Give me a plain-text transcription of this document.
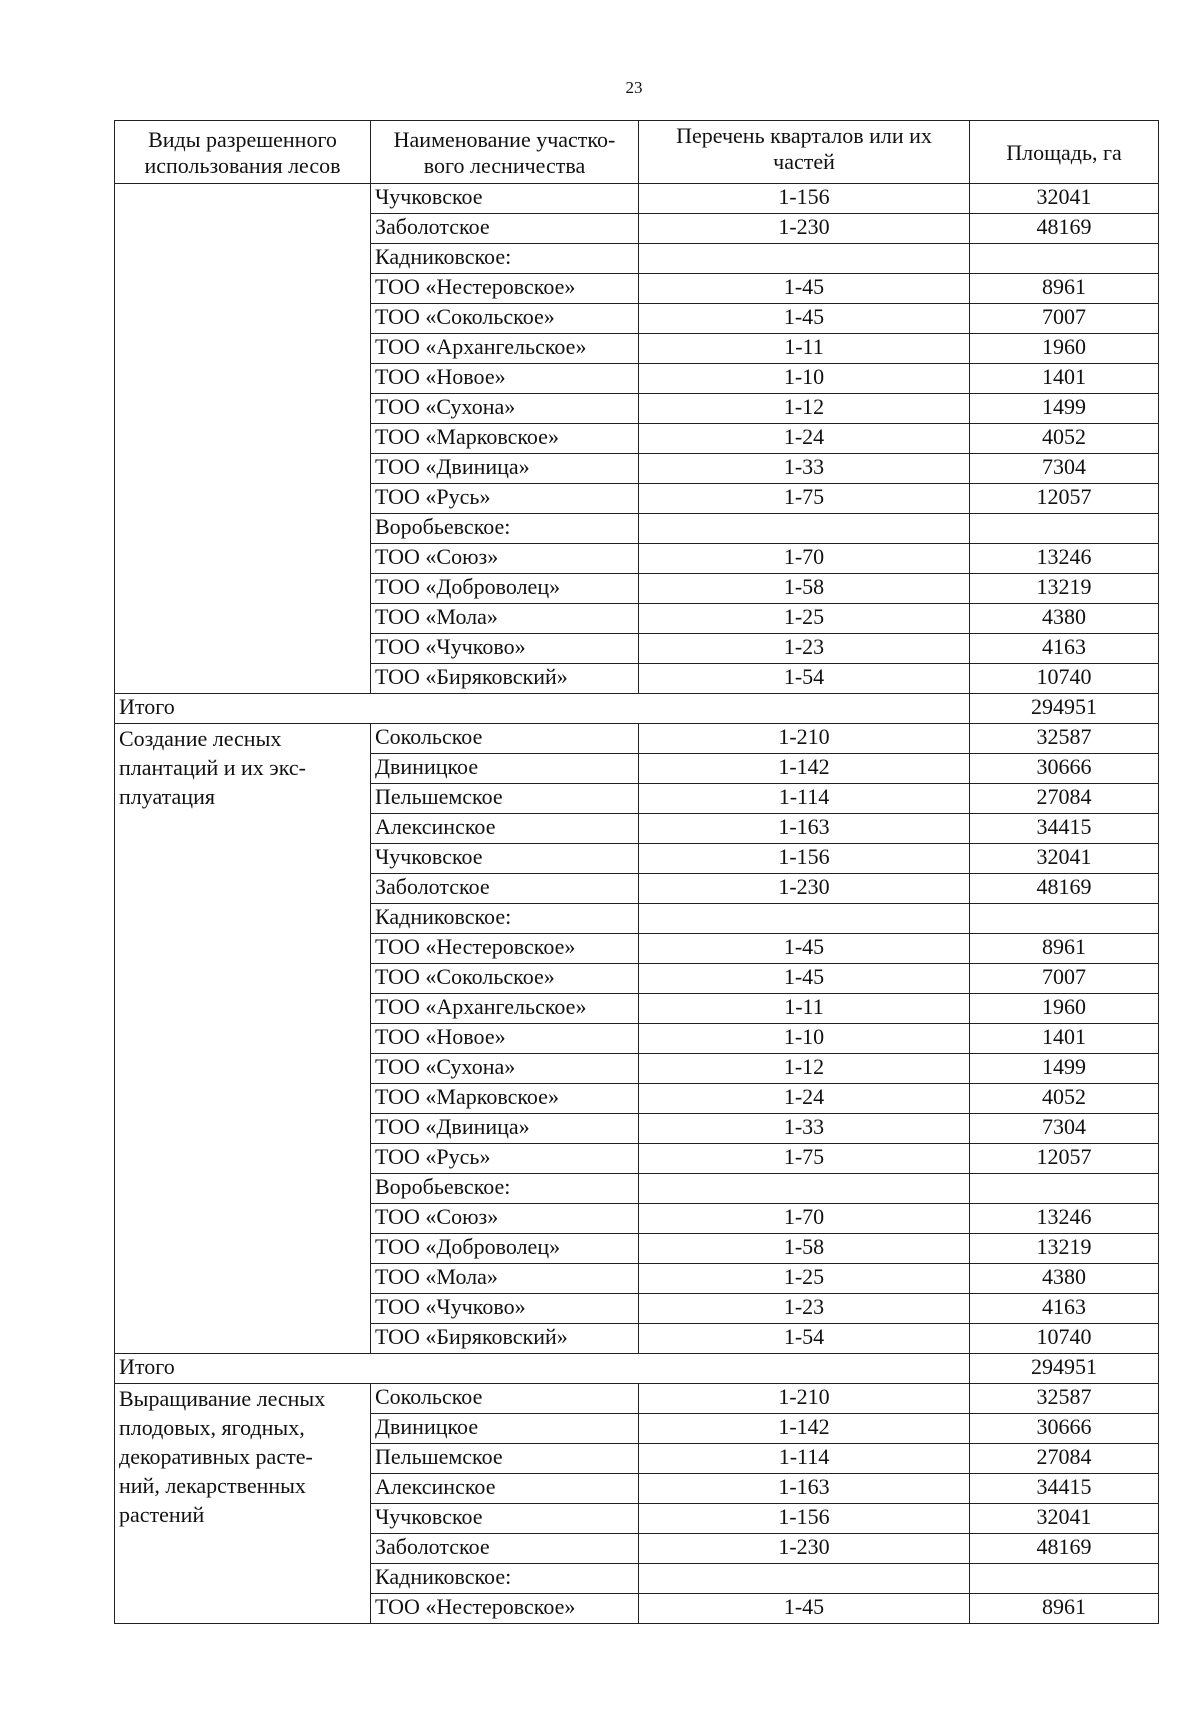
23
Виды разрешенного использования лесов	Наименование участко-вого лесничества	Перечень кварталов или их частей	Площадь, га
	Чучковское	1-156	32041
	Заболотское	1-230	48169
	Кадниковское:		
	ТОО «Нестеровское»	1-45	8961
	ТОО «Сокольское»	1-45	7007
	ТОО «Архангельское»	1-11	1960
	ТОО «Новое»	1-10	1401
	ТОО «Сухона»	1-12	1499
	ТОО «Марковское»	1-24	4052
	ТОО «Двиница»	1-33	7304
	ТОО «Русь»	1-75	12057
	Воробьевское:		
	ТОО «Союз»	1-70	13246
	ТОО «Доброволец»	1-58	13219
	ТОО «Мола»	1-25	4380
	ТОО «Чучково»	1-23	4163
	ТОО «Биряковский»	1-54	10740
Итого			294951

Создание лесных

плантаций и их экс-

плуатация	Сокольское	1-210	32587
	Двиницкое	1-142	30666
	Пельшемское	1-114	27084
	Алексинское	1-163	34415
	Чучковское	1-156	32041
	Заболотское	1-230	48169
	Кадниковское:		
	ТОО «Нестеровское»	1-45	8961
	ТОО «Сокольское»	1-45	7007
	ТОО «Архангельское»	1-11	1960
	ТОО «Новое»	1-10	1401
	ТОО «Сухона»	1-12	1499
	ТОО «Марковское»	1-24	4052
	ТОО «Двиница»	1-33	7304
	ТОО «Русь»	1-75	12057
	Воробьевское:		
	ТОО «Союз»	1-70	13246
	ТОО «Доброволец»	1-58	13219
	ТОО «Мола»	1-25	4380
	ТОО «Чучково»	1-23	4163
	ТОО «Биряковский»	1-54	10740
Итого			294951

Выращивание лесных

плодовых, ягодных,

декоративных расте-

ний, лекарственных

растений	Сокольское	1-210	32587
	Двиницкое	1-142	30666
	Пельшемское	1-114	27084
	Алексинское	1-163	34415
	Чучковское	1-156	32041
	Заболотское	1-230	48169
	Кадниковское:		
	ТОО «Нестеровское»	1-45	8961
